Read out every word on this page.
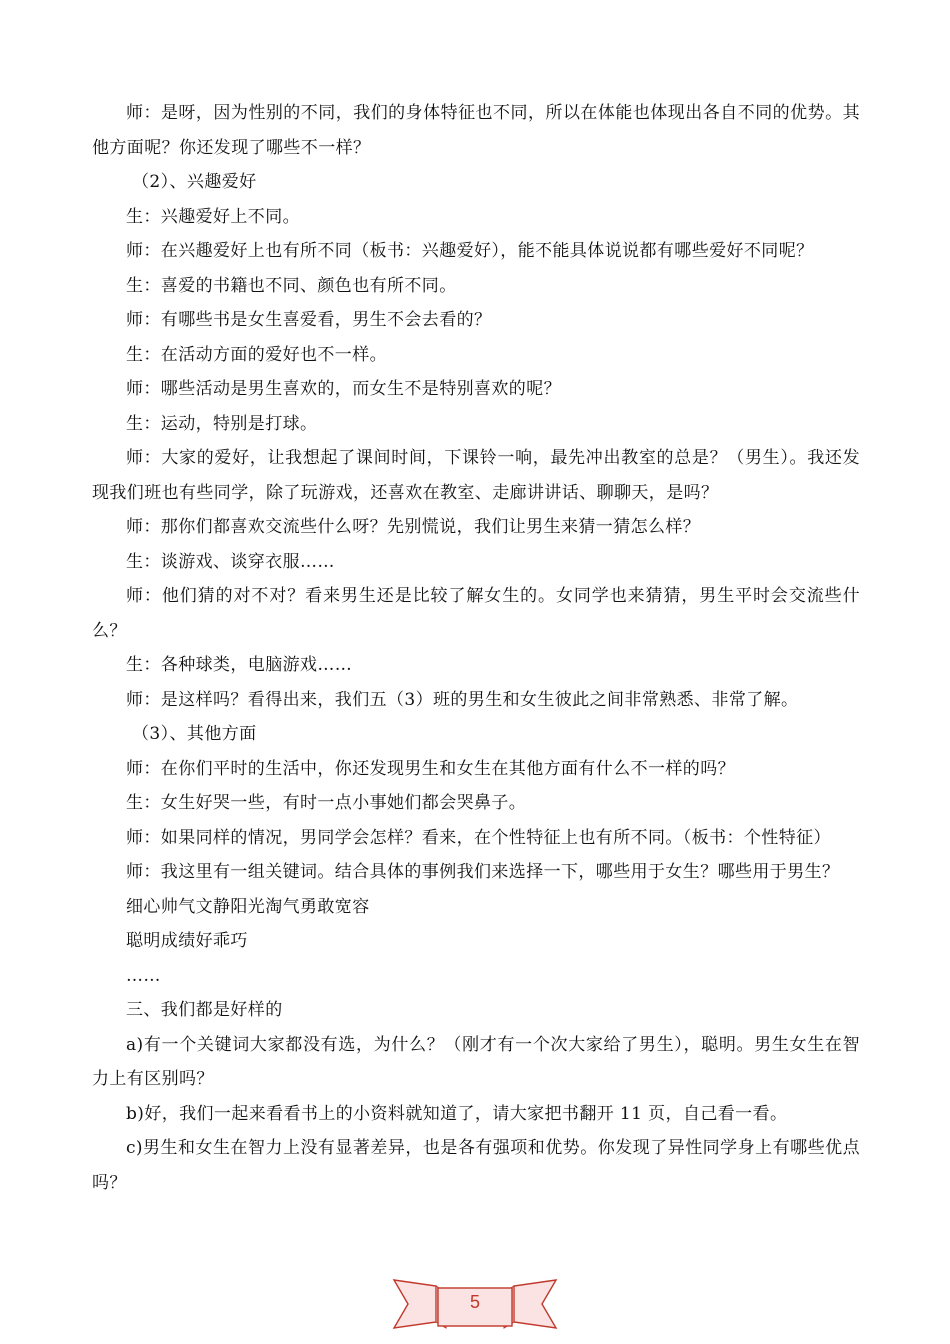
师：是呀，因为性别的不同，我们的身体特征也不同，所以在体能也体现出各自不同的优势。其他方面呢？你还发现了哪些不一样？

（2）、兴趣爱好

生：兴趣爱好上不同。

师：在兴趣爱好上也有所不同（板书：兴趣爱好），能不能具体说说都有哪些爱好不同呢？

生：喜爱的书籍也不同、颜色也有所不同。

师：有哪些书是女生喜爱看，男生不会去看的？

生：在活动方面的爱好也不一样。

师：哪些活动是男生喜欢的，而女生不是特别喜欢的呢？

生：运动，特别是打球。

师：大家的爱好，让我想起了课间时间，下课铃一响，最先冲出教室的总是？（男生）。我还发现我们班也有些同学，除了玩游戏，还喜欢在教室、走廊讲讲话、聊聊天，是吗？

师：那你们都喜欢交流些什么呀？先别慌说，我们让男生来猜一猜怎么样？

生：谈游戏、谈穿衣服……

师：他们猜的对不对？看来男生还是比较了解女生的。女同学也来猜猜，男生平时会交流些什么？

生：各种球类，电脑游戏……

师：是这样吗？看得出来，我们五（3）班的男生和女生彼此之间非常熟悉、非常了解。

（3）、其他方面

师：在你们平时的生活中，你还发现男生和女生在其他方面有什么不一样的吗？

生：女生好哭一些，有时一点小事她们都会哭鼻子。

师：如果同样的情况，男同学会怎样？看来，在个性特征上也有所不同。（板书：个性特征）

师：我这里有一组关键词。结合具体的事例我们来选择一下，哪些用于女生？哪些用于男生？

细心帅气文静阳光淘气勇敢宽容

聪明成绩好乖巧

……

三、我们都是好样的

a)有一个关键词大家都没有选，为什么？（刚才有一个次大家给了男生），聪明。男生女生在智力上有区别吗？

b)好，我们一起来看看书上的小资料就知道了，请大家把书翻开 11 页，自己看一看。

c)男生和女生在智力上没有显著差异，也是各有强项和优势。你发现了异性同学身上有哪些优点吗？

5
